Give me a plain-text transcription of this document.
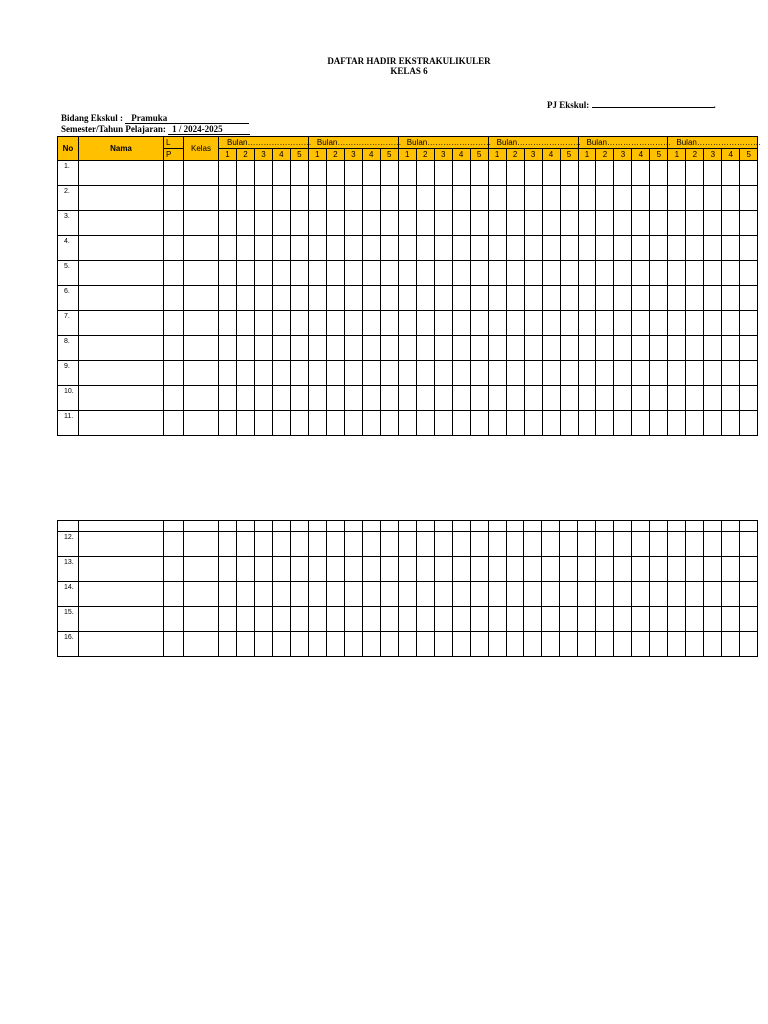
DAFTAR HADIR EKSTRAKULIKULER
KELAS 6
PJ Ekskul:	.
Bidang Ekskul : Pramuka
Semester/Tahun Pelajaran: 1 / 2024-2025
No	Nama	L	Kelas	Bulan……………………					Bulan……………………					Bulan……………………					Bulan……………………					Bulan……………………					Bulan……………………				
		P		1	2	3	4	5	1	2	3	4	5	1	2	3	4	5	1	2	3	4	5	1	2	3	4	5	1	2	3	4	5
1.																																	
2.																																	
3.																																	
4.																																	
5.																																	
6.																																	
7.																																	
8.																																	
9.																																	
10.																																	
11.																																	

12.																																	
13.																																	
14.																																	
15.																																	
16.																																	
